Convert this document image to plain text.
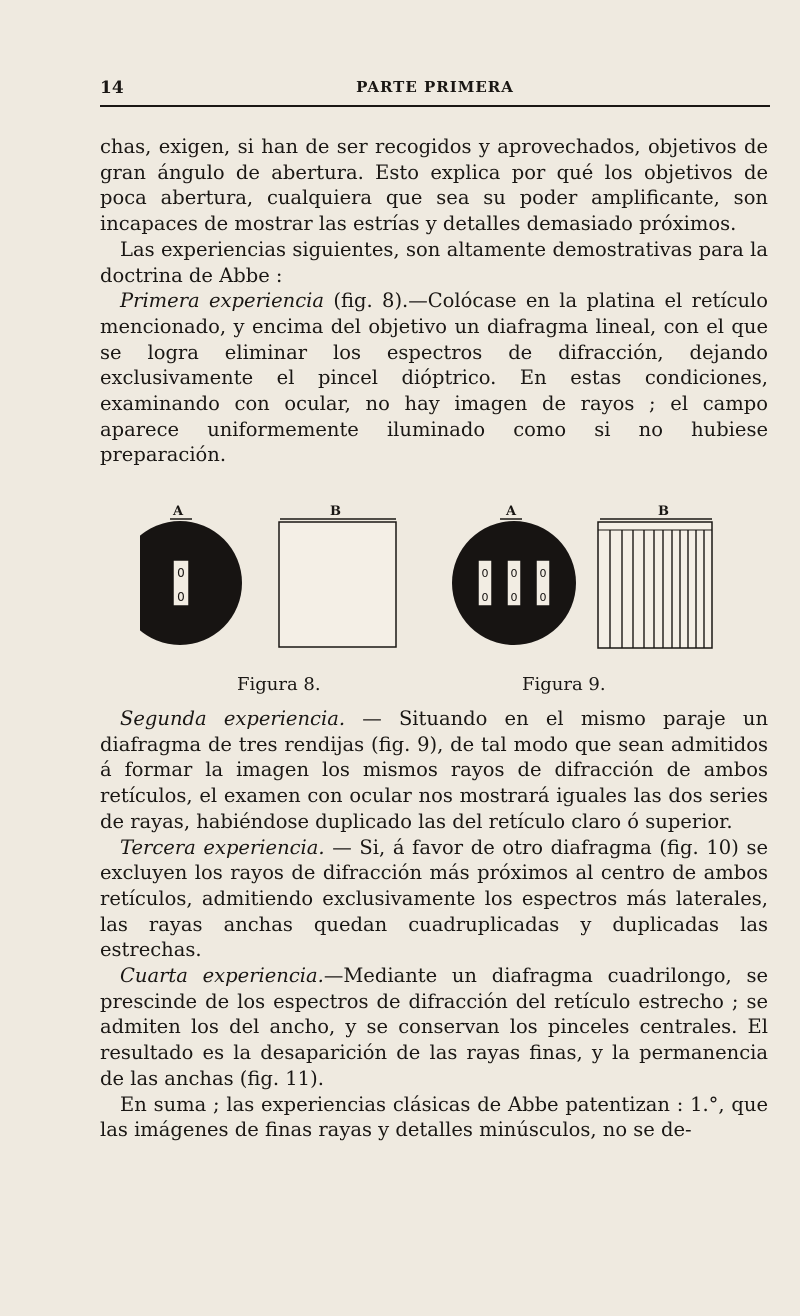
14	PARTE PRIMERA

chas, exigen, si han de ser recogidos y aprovechados, objetivos de gran ángulo de abertura. Esto explica por qué los objetivos de poca abertura, cualquiera que sea su poder amplificante, son incapaces de mostrar las estrías y detalles demasiado próximos.

Las experiencias siguientes, son altamente demostrativas para la doctrina de Abbe :

Primera experiencia (fig. 8).—Colócase en la platina el retículo mencionado, y encima del objetivo un diafragma lineal, con el que se logra eliminar los espectros de difracción, dejando exclusivamente el pincel dióptrico. En estas condiciones, examinando con ocular, no hay imagen de rayos ; el campo aparece uniformemente iluminado como si no hubiese preparación.

A	B
0
0
A	B
0
0
0
0
0
0
Figura 8.	Figura 9.

Segunda experiencia. — Situando en el mismo paraje un diafragma de tres rendijas (fig. 9), de tal modo que sean admitidos á formar la imagen los mismos rayos de difracción de ambos retículos, el examen con ocular nos mostrará iguales las dos series de rayas, habiéndose duplicado las del retículo claro ó superior.

Tercera experiencia. — Si, á favor de otro diafragma (fig. 10) se excluyen los rayos de difracción más próximos al centro de ambos retículos, admitiendo exclusivamente los espectros más laterales, las rayas anchas quedan cuadruplicadas y duplicadas las estrechas.

Cuarta experiencia.—Mediante un diafragma cuadrilongo, se prescinde de los espectros de difracción del retículo estrecho ; se admiten los del ancho, y se conservan los pinceles centrales. El resultado es la desaparición de las rayas finas, y la permanencia de las anchas (fig. 11).

En suma ; las experiencias clásicas de Abbe patentizan : 1.°, que las imágenes de finas rayas y detalles minúsculos, no se de-
